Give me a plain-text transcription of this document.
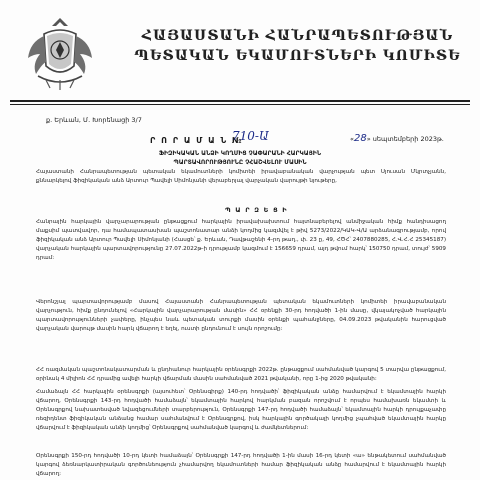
ՀԱՅԱՍՏԱՆԻ ՀԱՆՐԱՊԵՏՈՒԹՅԱՆ
ՊԵՏԱԿԱՆ ԵԿԱՄՈՒՏՆԵՐԻ ԿՈՄԻՏԵ
ք. Երևան, Մ. Խորենացի 3/7
Ր Ո Ր Ա Մ Ա Ն №
710-Ա	«28» սեպտեմբերի 2023թ.
ՖԻԶԻԿԱԿԱՆ ԱՆՁԻ ԿՈՂՄԻՑ ՉԱՓԱՐԱՆԻ ՀԱՐԿԱՅԻՆ
ՊԱՐՏԱՎՈՐՈՒԹՅՈՒՆԸ ՉՀԱՇՎԵԼՈՒ ՄԱՍԻՆ
Հայաստանի Հանրապետության պետական եկամուտների կոմիտեի իրավաբանական վարչության պետ Սյուսան Մկրտչյանն, քննարկելով ֆիզիկական անձ Արտուր Պավելի Սիմոնյանի վերաբերյալ վարչական վարույթի նյութերը,
Պ Ա Ր Զ Ե Ց Ի
Հանրային հարկային վարչարարության ընթացքում հարկային իրավախախտում հայտնաբերելով անմիջական հիմք հանդիսացող մաքսիմ պատվավոր, դա համապատասխան պաշտոնատար անձի կողմից կազմվել է թիվ 5273/2022/ԿԱԿ-Վ/Ա արձանագրությամբ, որով ֆիզիկական անձ Արտուր Պավելի Սիմոնյանի (Հասցե՝ ք. Երևան, Դավթաշենի 4-րդ թաղ., փ. 23 ը, 49, ՀԾՀ՝ 2407880285, Հ.Վ.Հ.Հ 25345187) վարչական հարկային պարտավորությունը 27.07.2022թ-ի դրությամբ կազմում է 156659 դրամ, այդ թվում հարկ՝ 150750 դրամ, տույժ՝ 5909 դրամ:
Վերոնշյալ պարտավորությամբ մասով Հայաստանի Հանրապետության պետական եկամուտների կոմիտեի իրավաբանական վարչություն, հիմք ընդունելով «Հարկային վարչարարության մասին» ՀՀ օրենքի 30-րդ հոդվածի 1-ին մասը, վկայակոչված հարկային պարտավորությունների չափերը, ինչպես նաև պետական տուրքի մասին օրենքի պահանջները, 04.09.2023 թվականին հարուցված վարչական վարույթ մասին հարկ վճարող է եղել, ուստի ընդունում է սույն որոշումը:
ՀՀ ռազմական պաշտոնակատարման և ընդհանուր հարկային օրենսգրքի 2022թ. ընթացքում սահմանված կարգով 5 տարվա ընթացքում, օրինակ 4 միլիոն ՀՀ դրամից ավելի հարկի վճարման մասին սահմանված 2021 թվականի, որը 1-ից 2020 թվականի:
Համաձայն ՀՀ հարկային օրենսգրքի (այսուհետ՝ Օրենսգիրք) 140-րդ հոդվածի՝ ֆիզիկական անձը համարվում է եկամտային հարկի վճարող, Օրենսգրքի 143-րդ հոդվածի համաձայն՝ եկամտային հարկով հարկման բազան որոշվում է որպես համախառն եկամտի և Օրենսգրքով նախատեսված նվազեցումների տարբերություն, Օրենսգրքի 147-րդ հոդվածի համաձայն՝ եկամտային հարկի դրույքաչափը ռեզիդենտ ֆիզիկական անձանց համար սահմանվում է Օրենսգրքով, իսկ հարկային գործակալի կողմից չպահված եկամտային հարկը վճարվում է ֆիզիկական անձի կողմից՝ Օրենսգրքով սահմանված կարգով և ժամկետներում:
Օրենսգրքի 150-րդ հոդվածի 10-րդ կետի համաձայն՝ Օրենսգրքի 147-րդ հոդվածի 1-ին մասի 16-րդ կետի «ա» ենթակետում սահմանված կարգով ձեռնարկատիրական գործունեություն չհամարվող եկամուտների համար ֆիզիկական անձը համարվում է եկամտային հարկի վճարող:
